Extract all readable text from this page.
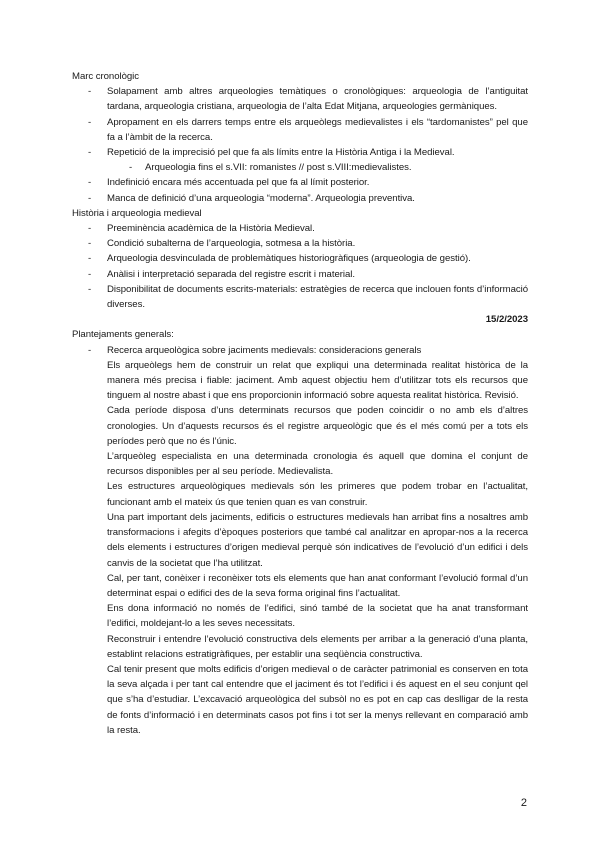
Marc cronològic

- Solapament amb altres arqueologies temàtiques o cronològiques: arqueologia de l’antiguitat tardana, arqueologia cristiana, arqueologia de l’alta Edat Mitjana, arqueologies germàniques.

- Apropament en els darrers temps entre els arqueòlegs medievalistes i els “tardomanistes” pel que fa a l’àmbit de la recerca.

- Repetició de la imprecisió pel que fa als límits entre la Història Antiga i la Medieval.

- Arqueologia fins el s.VII: romanistes // post s.VIII:medievalistes.

- Indefinició encara més accentuada pel que fa al límit posterior.

- Manca de definició d’una arqueologia “moderna”. Arqueologia preventiva.

Història i arqueologia medieval

- Preeminència acadèmica de la Història Medieval.

- Condició subalterna de l’arqueologia, sotmesa a la història.

- Arqueologia desvinculada de problemàtiques historiogràfiques (arqueologia de gestió).

- Anàlisi i interpretació separada del registre escrit i material.

- Disponibilitat de documents escrits-materials: estratègies de recerca que inclouen fonts d’informació diverses.

15/2/2023

Plantejaments generals:

- Recerca arqueològica sobre jaciments medievals: consideracions generals

Els arqueòlegs hem de construir un relat que expliqui una determinada realitat històrica de la manera més precisa i fiable: jaciment. Amb aquest objectiu hem d’utilitzar tots els recursos que tinguem al nostre abast i que ens proporcionin informació sobre aquesta realitat històrica. Revisió.

Cada període disposa d’uns determinats recursos que poden coincidir o no amb els d’altres cronologies. Un d’aquests recursos és el registre arqueològic que és el més comú per a tots els períodes però que no és l’únic.

L’arqueòleg especialista en una determinada cronologia és aquell que domina el conjunt de recursos disponibles per al seu període. Medievalista.

Les estructures arqueològiques medievals són les primeres que podem trobar en l’actualitat, funcionant amb el mateix ús que tenien quan es van construir.

Una part important dels jaciments, edificis o estructures medievals han arribat fins a nosaltres amb transformacions i afegits d’èpoques posteriors que també cal analitzar en apropar-nos a la recerca dels elements i estructures d’origen medieval perquè són indicatives de l’evolució d’un edifici i dels canvis de la societat que l’ha utilitzat.

Cal, per tant, conèixer i reconèixer tots els elements que han anat conformant l’evolució formal d’un determinat espai o edifici des de la seva forma original fins l’actualitat.

Ens dona informació no només de l’edifici, sinó també de la societat que ha anat transformant l’edifici, moldejant-lo a les seves necessitats.

Reconstruir i entendre l’evolució constructiva dels elements per arribar a la generació d’una planta, establint relacions estratigràfiques, per establir una seqüència constructiva.

Cal tenir present que molts edificis d’origen medieval o de caràcter patrimonial es conserven en tota la seva alçada i per tant cal entendre que el jaciment és tot l’edifici i és aquest en el seu conjunt qel que s’ha d’estudiar. L’excavació arqueològica del subsòl no es pot en cap cas deslligar de la resta de fonts d’informació i en determinats casos pot fins i tot ser la menys rellevant en comparació amb la resta.

2
